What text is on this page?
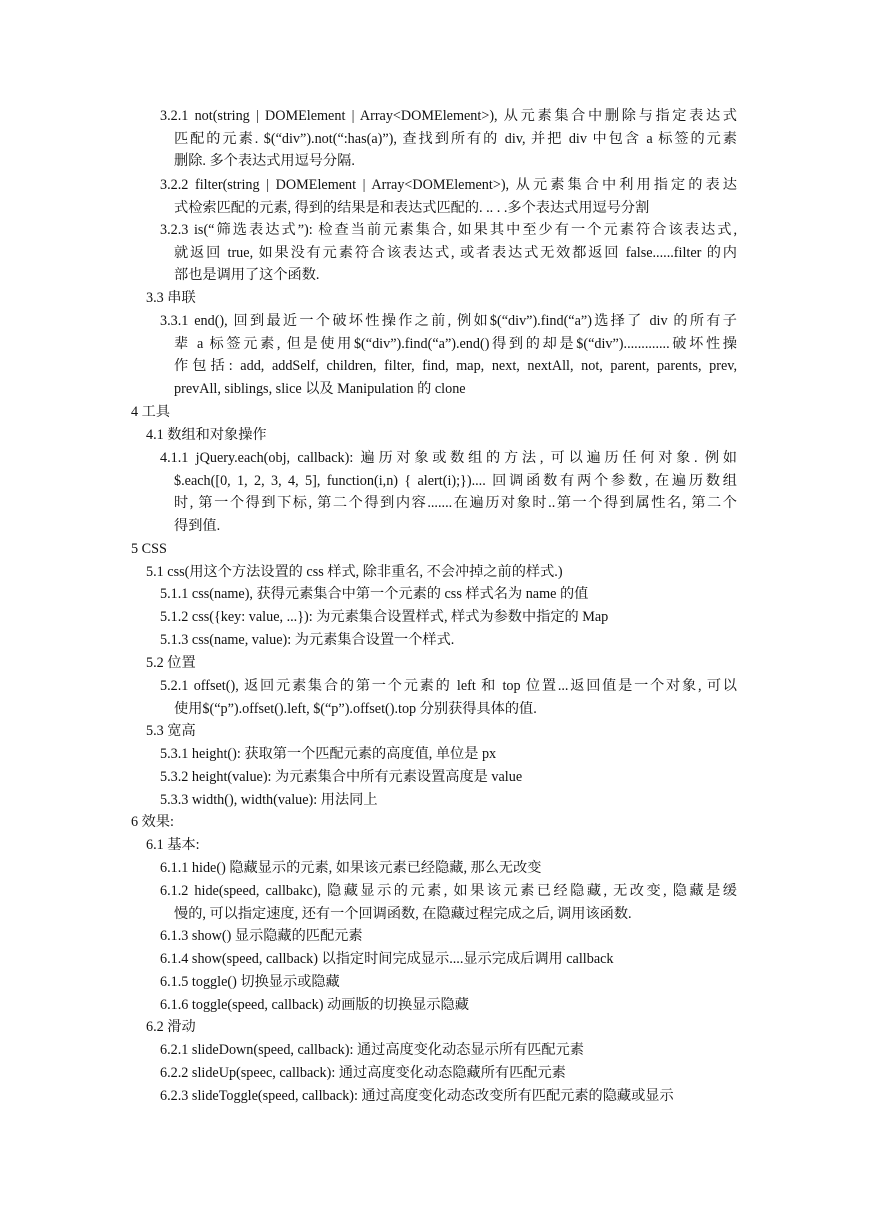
3.2.1 not(string | DOMElement | Array<DOMElement>), 从元素集合中删除与指定表达式
匹配的元素. $(“div”).not(“:has(a)”), 查找到所有的 div, 并把 div 中包含 a 标签的元素
删除. 多个表达式用逗号分隔.
3.2.2 filter(string | DOMElement | Array<DOMElement>), 从元素集合中利用指定的表达
式检索匹配的元素, 得到的结果是和表达式匹配的. .. . .多个表达式用逗号分割
3.2.3 is(“筛选表达式”): 检查当前元素集合, 如果其中至少有一个元素符合该表达式,
就返回 true, 如果没有元素符合该表达式, 或者表达式无效都返回 false......filter 的内
部也是调用了这个函数.
3.3 串联
3.3.1 end(), 回到最近一个破坏性操作之前, 例如$(“div”).find(“a”)选择了 div 的所有子
辈 a 标签元素, 但是使用$(“div”).find(“a”).end()得到的却是$(“div”).............破坏性操
作包括: add, addSelf, children, filter, find, map, next, nextAll, not, parent, parents, prev,
prevAll, siblings, slice 以及 Manipulation 的 clone
4 工具
4.1 数组和对象操作
4.1.1 jQuery.each(obj, callback): 遍历对象或数组的方法, 可以遍历任何对象. 例如
$.each([0, 1, 2, 3, 4, 5], function(i,n) { alert(i);}).... 回调函数有两个参数, 在遍历数组
时, 第一个得到下标, 第二个得到内容.......在遍历对象时..第一个得到属性名, 第二个
得到值.
5 CSS
5.1 css(用这个方法设置的 css 样式, 除非重名, 不会冲掉之前的样式.)
5.1.1 css(name), 获得元素集合中第一个元素的 css 样式名为 name 的值
5.1.2 css({key: value, ...}): 为元素集合设置样式, 样式为参数中指定的 Map
5.1.3 css(name, value): 为元素集合设置一个样式.
5.2 位置
5.2.1 offset(), 返回元素集合的第一个元素的 left 和 top 位置...返回值是一个对象, 可以
使用$(“p”).offset().left, $(“p”).offset().top 分别获得具体的值.
5.3 宽高
5.3.1 height(): 获取第一个匹配元素的高度值, 单位是 px
5.3.2 height(value): 为元素集合中所有元素设置高度是 value
5.3.3 width(), width(value): 用法同上
6 效果:
6.1 基本:
6.1.1 hide() 隐藏显示的元素, 如果该元素已经隐藏, 那么无改变
6.1.2 hide(speed, callbakc), 隐藏显示的元素, 如果该元素已经隐藏, 无改变, 隐藏是缓
慢的, 可以指定速度, 还有一个回调函数, 在隐藏过程完成之后, 调用该函数.
6.1.3 show() 显示隐藏的匹配元素
6.1.4 show(speed, callback) 以指定时间完成显示....显示完成后调用 callback
6.1.5 toggle() 切换显示或隐藏
6.1.6 toggle(speed, callback) 动画版的切换显示隐藏
6.2 滑动
6.2.1 slideDown(speed, callback): 通过高度变化动态显示所有匹配元素
6.2.2 slideUp(speec, callback): 通过高度变化动态隐藏所有匹配元素
6.2.3 slideToggle(speed, callback): 通过高度变化动态改变所有匹配元素的隐藏或显示
